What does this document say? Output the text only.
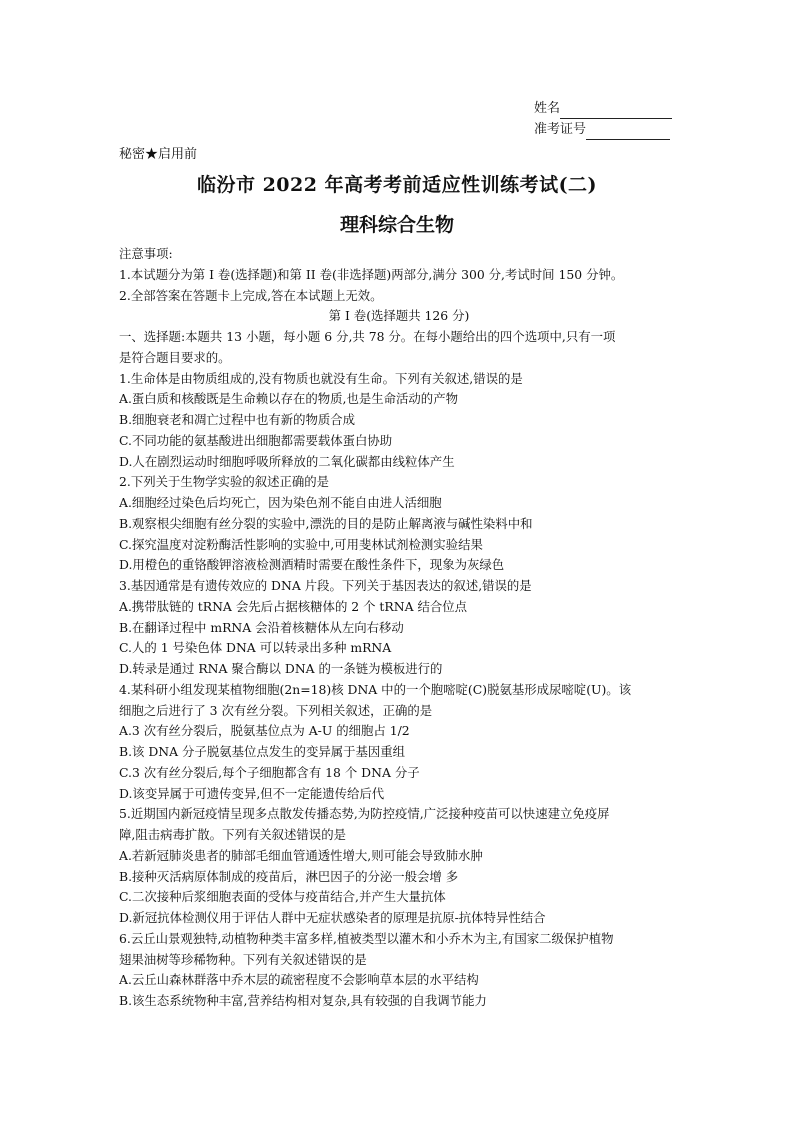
姓名
准考证号
秘密★启用前
临汾市 2022 年高考考前适应性训练考试(二)
理科综合生物

注意事项:

1.本试题分为第 I 卷(选择题)和第 II 卷(非选择题)两部分,满分 300 分,考试时间 150 分钟。

2.全部答案在答题卡上完成,答在本试题上无效。

第 I 卷(选择题共 126 分)

一、选择题:本题共 13 小题，每小题 6 分,共 78 分。在每小题给出的四个选项中,只有一项

是符合题目要求的。

1.生命体是由物质组成的,没有物质也就没有生命。下列有关叙述,错误的是

A.蛋白质和核酸既是生命赖以存在的物质,也是生命活动的产物

B.细胞衰老和凋亡过程中也有新的物质合成

C.不同功能的氨基酸进出细胞都需要载体蛋白协助

D.人在剧烈运动时细胞呼吸所释放的二氧化碳都由线粒体产生

2.下列关于生物学实验的叙述正确的是

A.细胞经过染色后均死亡，因为染色剂不能自由进人活细胞

B.观察根尖细胞有丝分裂的实验中,漂洗的目的是防止解离液与碱性染料中和

C.探究温度对淀粉酶活性影响的实验中,可用斐林试剂检测实验结果

D.用橙色的重铬酸钾溶液检测酒精时需要在酸性条件下，现象为灰绿色

3.基因通常是有遗传效应的 DNA 片段。下列关于基因表达的叙述,错误的是

A.携带肽链的 tRNA 会先后占据核糖体的 2 个 tRNA 结合位点

B.在翻译过程中 mRNA 会沿着核糖体从左向右移动

C.人的 1 号染色体 DNA 可以转录出多种 mRNA

D.转录是通过 RNA 聚合酶以 DNA 的一条链为模板进行的

4.某科研小组发现某植物细胞(2n=18)核 DNA 中的一个胞嘧啶(C)脱氨基形成尿嘧啶(U)。该

细胞之后进行了 3 次有丝分裂。下列相关叙述，正确的是

A.3 次有丝分裂后，脱氨基位点为 A-U 的细胞占 1/2

B.该 DNA 分子脱氨基位点发生的变异属于基因重组

C.3 次有丝分裂后,每个子细胞都含有 18 个 DNA 分子

D.该变异属于可遗传变异,但不一定能遗传给后代

5.近期国内新冠疫情呈现多点散发传播态势,为防控疫情,广泛接种疫苗可以快速建立免疫屏

障,阻击病毒扩散。下列有关叙述错误的是

A.若新冠肺炎患者的肺部毛细血管通透性增大,则可能会导致肺水肿

B.接种灭活病原体制成的疫苗后，淋巴因子的分泌一般会增 多

C.二次接种后浆细胞表面的受体与疫苗结合,并产生大量抗体

D.新冠抗体检测仪用于评估人群中无症状感染者的原理是抗原-抗体特异性结合

6.云丘山景观独特,动植物种类丰富多样,植被类型以灌木和小乔木为主,有国家二级保护植物

翅果油树等珍稀物种。下列有关叙述错误的是

A.云丘山森林群落中乔木层的疏密程度不会影响草本层的水平结构

B.该生态系统物种丰富,营养结构相对复杂,具有较强的自我调节能力
